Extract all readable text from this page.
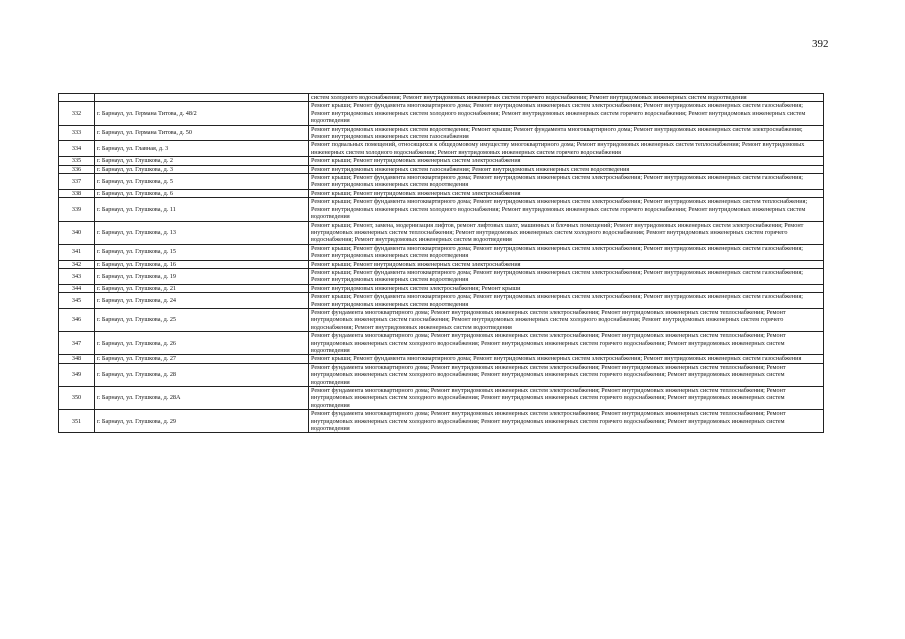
392
		систем холодного водоснабжения; Ремонт внутридомовых инженерных систем горячего водоснабжения; Ремонт внутридомовых инженерных систем водоотведения
332	г. Барнаул, ул. Германа Титова, д. 48/2	Ремонт крыши; Ремонт фундамента многоквартирного дома; Ремонт внутридомовых инженерных систем электроснабжения; Ремонт внутридомовых инженерных систем газоснабжения; Ремонт внутридомовых инженерных систем холодного водоснабжения; Ремонт внутридомовых инженерных систем горячего водоснабжения; Ремонт внутридомовых инженерных систем водоотведения
333	г. Барнаул, ул. Германа Титова, д. 50	Ремонт внутридомовых инженерных систем водоотведения; Ремонт крыши; Ремонт фундамента многоквартирного дома; Ремонт внутридомовых инженерных систем электроснабжения; Ремонт внутридомовых инженерных систем газоснабжения
334	г. Барнаул, ул. Главная, д. 3	Ремонт подвальных помещений, относящихся к общедомовому имуществу многоквартирного дома; Ремонт внутридомовых инженерных систем теплоснабжения; Ремонт внутридомовых инженерных систем холодного водоснабжения; Ремонт внутридомовых инженерных систем горячего водоснабжения
335	г. Барнаул, ул. Глушкова, д. 2	Ремонт крыши; Ремонт внутридомовых инженерных систем электроснабжения
336	г. Барнаул, ул. Глушкова, д. 3	Ремонт внутридомовых инженерных систем газоснабжения; Ремонт внутридомовых инженерных систем водоотведения
337	г. Барнаул, ул. Глушкова, д. 5	Ремонт крыши; Ремонт фундамента многоквартирного дома; Ремонт внутридомовых инженерных систем электроснабжения; Ремонт внутридомовых инженерных систем газоснабжения; Ремонт внутридомовых инженерных систем водоотведения
338	г. Барнаул, ул. Глушкова, д. 6	Ремонт крыши; Ремонт внутридомовых инженерных систем электроснабжения
339	г. Барнаул, ул. Глушкова, д. 11	Ремонт крыши; Ремонт фундамента многоквартирного дома; Ремонт внутридомовых инженерных систем электроснабжения; Ремонт внутридомовых инженерных систем теплоснабжения; Ремонт внутридомовых инженерных систем холодного водоснабжения; Ремонт внутридомовых инженерных систем горячего водоснабжения; Ремонт внутридомовых инженерных систем водоотведения
340	г. Барнаул, ул. Глушкова, д. 13	Ремонт крыши; Ремонт, замена, модернизация лифтов, ремонт лифтовых шахт, машинных и блочных помещений; Ремонт внутридомовых инженерных систем электроснабжения; Ремонт внутридомовых инженерных систем теплоснабжения; Ремонт внутридомовых инженерных систем холодного водоснабжения; Ремонт внутридомовых инженерных систем горячего водоснабжения; Ремонт внутридомовых инженерных систем водоотведения
341	г. Барнаул, ул. Глушкова, д. 15	Ремонт крыши; Ремонт фундамента многоквартирного дома; Ремонт внутридомовых инженерных систем электроснабжения; Ремонт внутридомовых инженерных систем газоснабжения; Ремонт внутридомовых инженерных систем водоотведения
342	г. Барнаул, ул. Глушкова, д. 16	Ремонт крыши; Ремонт внутридомовых инженерных систем электроснабжения
343	г. Барнаул, ул. Глушкова, д. 19	Ремонт крыши; Ремонт фундамента многоквартирного дома; Ремонт внутридомовых инженерных систем электроснабжения; Ремонт внутридомовых инженерных систем газоснабжения; Ремонт внутридомовых инженерных систем водоотведения
344	г. Барнаул, ул. Глушкова, д. 21	Ремонт внутридомовых инженерных систем электроснабжения; Ремонт крыши
345	г. Барнаул, ул. Глушкова, д. 24	Ремонт крыши; Ремонт фундамента многоквартирного дома; Ремонт внутридомовых инженерных систем электроснабжения; Ремонт внутридомовых инженерных систем газоснабжения; Ремонт внутридомовых инженерных систем водоотведения
346	г. Барнаул, ул. Глушкова, д. 25	Ремонт фундамента многоквартирного дома; Ремонт внутридомовых инженерных систем электроснабжения; Ремонт внутридомовых инженерных систем теплоснабжения; Ремонт внутридомовых инженерных систем газоснабжения; Ремонт внутридомовых инженерных систем холодного водоснабжения; Ремонт внутридомовых инженерных систем горячего водоснабжения; Ремонт внутридомовых инженерных систем водоотведения
347	г. Барнаул, ул. Глушкова, д. 26	Ремонт фундамента многоквартирного дома; Ремонт внутридомовых инженерных систем электроснабжения; Ремонт внутридомовых инженерных систем теплоснабжения; Ремонт внутридомовых инженерных систем холодного водоснабжения; Ремонт внутридомовых инженерных систем горячего водоснабжения; Ремонт внутридомовых инженерных систем водоотведения
348	г. Барнаул, ул. Глушкова, д. 27	Ремонт крыши; Ремонт фундамента многоквартирного дома; Ремонт внутридомовых инженерных систем электроснабжения; Ремонт внутридомовых инженерных систем газоснабжения
349	г. Барнаул, ул. Глушкова, д. 28	Ремонт фундамента многоквартирного дома; Ремонт внутридомовых инженерных систем электроснабжения; Ремонт внутридомовых инженерных систем теплоснабжения; Ремонт внутридомовых инженерных систем холодного водоснабжения; Ремонт внутридомовых инженерных систем горячего водоснабжения; Ремонт внутридомовых инженерных систем водоотведения
350	г. Барнаул, ул. Глушкова, д. 28А	Ремонт фундамента многоквартирного дома; Ремонт внутридомовых инженерных систем электроснабжения; Ремонт внутридомовых инженерных систем теплоснабжения; Ремонт внутридомовых инженерных систем холодного водоснабжения; Ремонт внутридомовых инженерных систем горячего водоснабжения; Ремонт внутридомовых инженерных систем водоотведения
351	г. Барнаул, ул. Глушкова, д. 29	Ремонт фундамента многоквартирного дома; Ремонт внутридомовых инженерных систем электроснабжения; Ремонт внутридомовых инженерных систем теплоснабжения; Ремонт внутридомовых инженерных систем холодного водоснабжения; Ремонт внутридомовых инженерных систем горячего водоснабжения; Ремонт внутридомовых инженерных систем водоотведения
